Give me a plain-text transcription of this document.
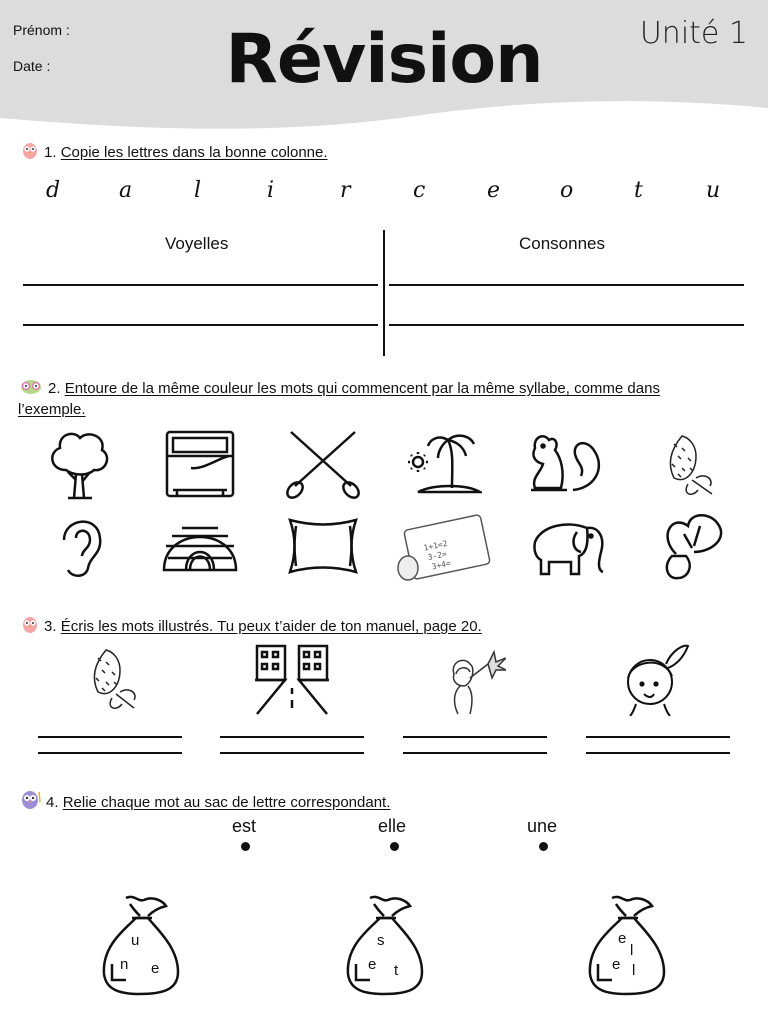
Prénom :
Date :	Révision	Unité 1
1. Copie les lettres dans la bonne colonne.
d	a	l	i	r	c	e	o	t	u
Voyelles	Consonnes
2. Entoure de la même couleur les mots qui commencent par la même syllabe, comme dans
l’exemple.
1+1=2
3-2=
3+4=
3. Écris les mots illustrés. Tu peux t’aider de ton manuel, page 20.
4. Relie chaque mot au sac de lettre correspondant.
est	elle	une
u
n e
s
e t
e
e
l
l
